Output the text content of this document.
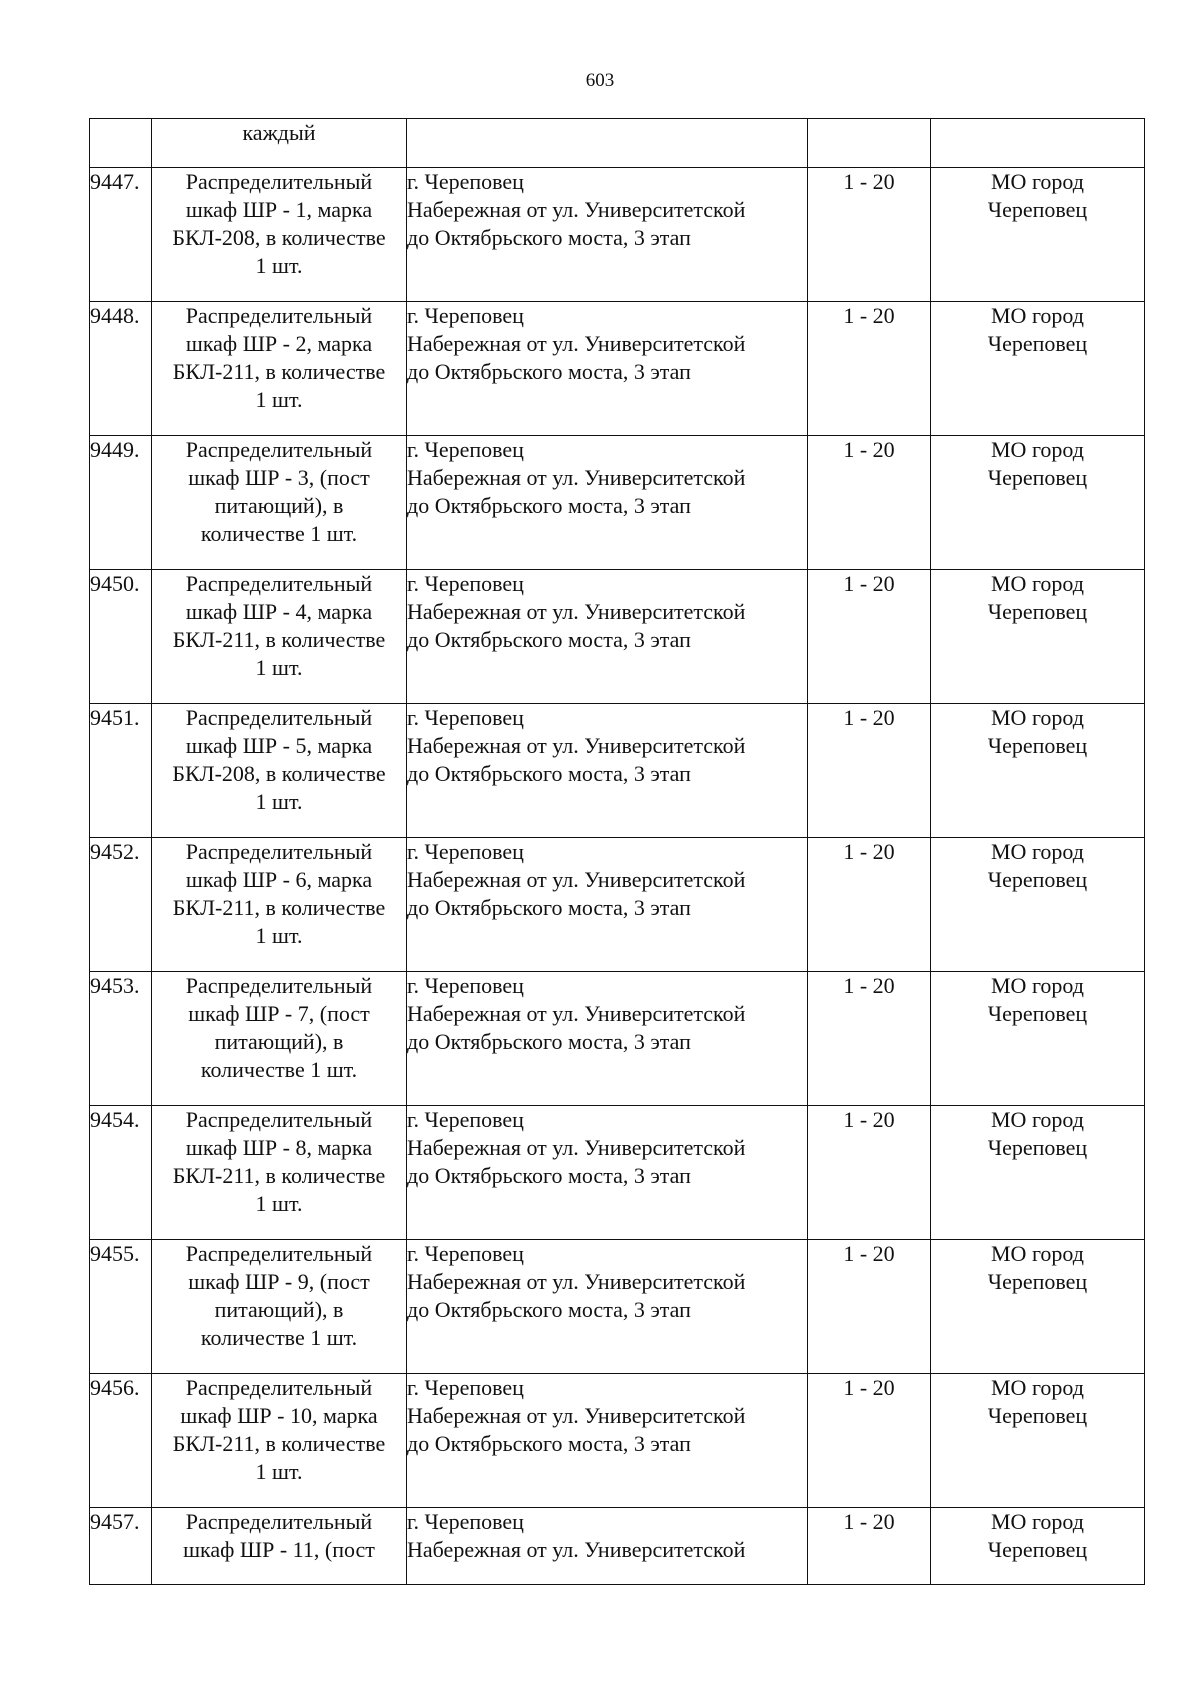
603
	каждый			
9447.	Распределительный
шкаф ШР - 1, марка
БКЛ-208, в количестве
1 шт.	г. Череповец
Набережная от ул. Университетской
до Октябрьского моста, 3 этап	1 - 20	МО город
Череповец

9448.	Распределительный
шкаф ШР - 2, марка
БКЛ-211, в количестве
1 шт.	г. Череповец
Набережная от ул. Университетской
до Октябрьского моста, 3 этап	1 - 20	МО город
Череповец

9449.	Распределительный
шкаф ШР - 3, (пост
питающий), в
количестве 1 шт.	г. Череповец
Набережная от ул. Университетской
до Октябрьского моста, 3 этап	1 - 20	МО город
Череповец

9450.	Распределительный
шкаф ШР - 4, марка
БКЛ-211, в количестве
1 шт.	г. Череповец
Набережная от ул. Университетской
до Октябрьского моста, 3 этап	1 - 20	МО город
Череповец

9451.	Распределительный
шкаф ШР - 5, марка
БКЛ-208, в количестве
1 шт.	г. Череповец
Набережная от ул. Университетской
до Октябрьского моста, 3 этап	1 - 20	МО город
Череповец

9452.	Распределительный
шкаф ШР - 6, марка
БКЛ-211, в количестве
1 шт.	г. Череповец
Набережная от ул. Университетской
до Октябрьского моста, 3 этап	1 - 20	МО город
Череповец

9453.	Распределительный
шкаф ШР - 7, (пост
питающий), в
количестве 1 шт.	г. Череповец
Набережная от ул. Университетской
до Октябрьского моста, 3 этап	1 - 20	МО город
Череповец

9454.	Распределительный
шкаф ШР - 8, марка
БКЛ-211, в количестве
1 шт.	г. Череповец
Набережная от ул. Университетской
до Октябрьского моста, 3 этап	1 - 20	МО город
Череповец

9455.	Распределительный
шкаф ШР - 9, (пост
питающий), в
количестве 1 шт.	г. Череповец
Набережная от ул. Университетской
до Октябрьского моста, 3 этап	1 - 20	МО город
Череповец

9456.	Распределительный
шкаф ШР - 10, марка
БКЛ-211, в количестве
1 шт.	г. Череповец
Набережная от ул. Университетской
до Октябрьского моста, 3 этап	1 - 20	МО город
Череповец

9457.	Распределительный
шкаф ШР - 11, (пост	г. Череповец
Набережная от ул. Университетской	1 - 20	МО город
Череповец
